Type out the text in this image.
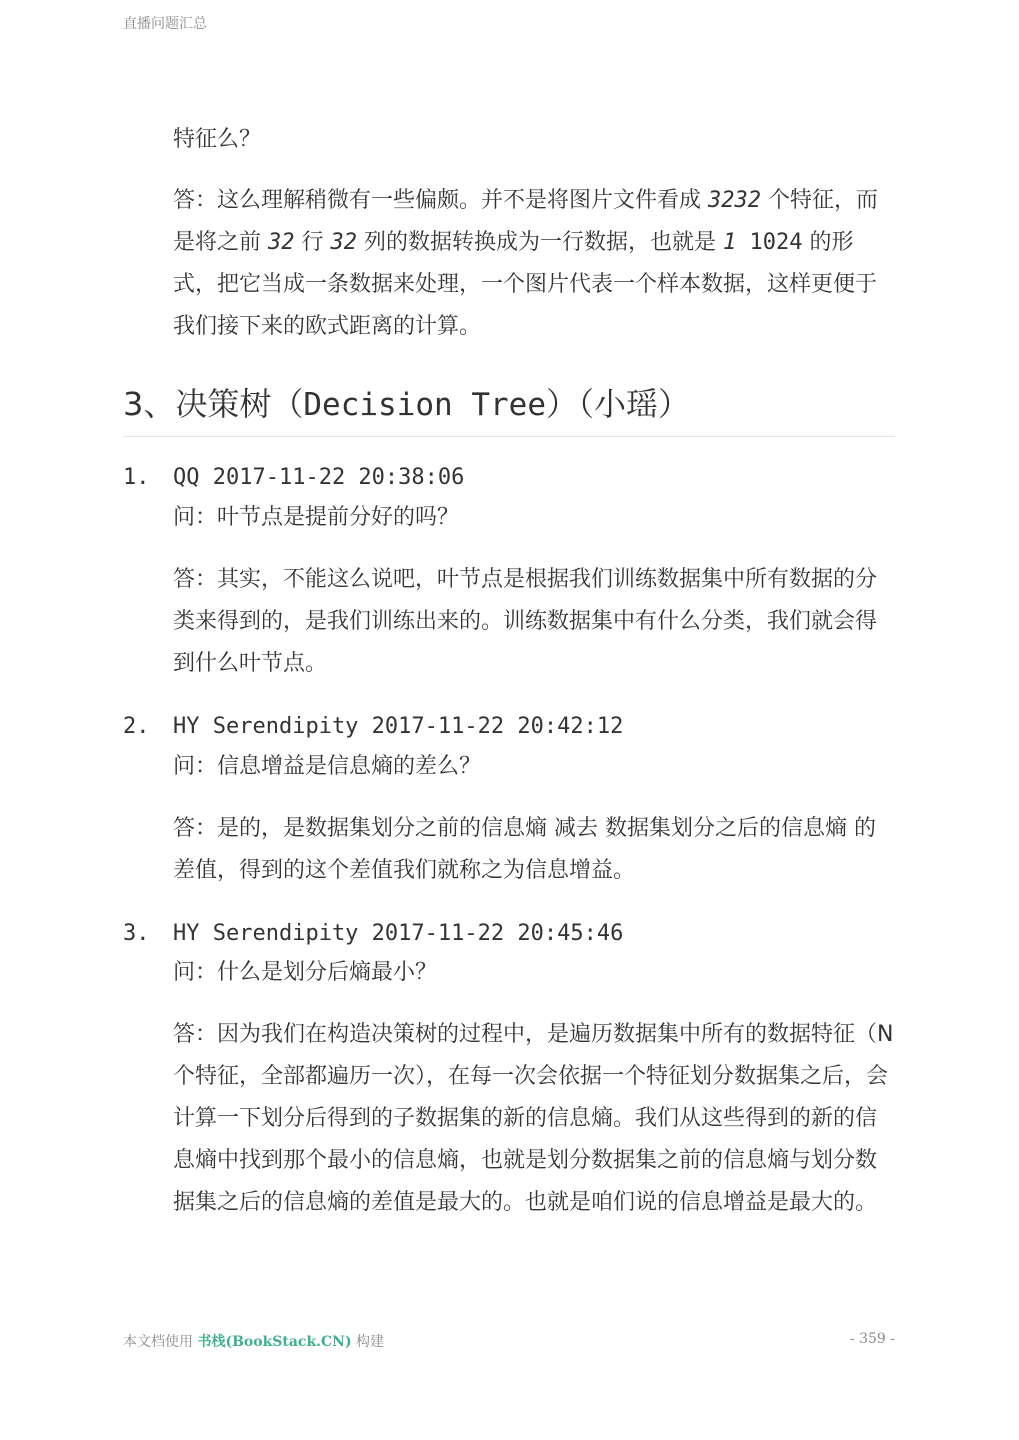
直播问题汇总
特征么？
答：这么理解稍微有一些偏颇。并不是将图片文件看成 3232 个特征，而是将之前 32 行 32 列的数据转换成为一行数据，也就是 1 1024 的形式，把它当成一条数据来处理，一个图片代表一个样本数据，这样更便于我们接下来的欧式距离的计算。
3、决策树（Decision Tree）（小瑶）
1. QQ 2017-11-22 20:38:06
问：叶节点是提前分好的吗？
答：其实，不能这么说吧，叶节点是根据我们训练数据集中所有数据的分类来得到的，是我们训练出来的。训练数据集中有什么分类，我们就会得到什么叶节点。
2. HY Serendipity 2017-11-22 20:42:12
问：信息增益是信息熵的差么？
答：是的，是数据集划分之前的信息熵 减去 数据集划分之后的信息熵 的差值，得到的这个差值我们就称之为信息增益。
3. HY Serendipity 2017-11-22 20:45:46
问：什么是划分后熵最小？
答：因为我们在构造决策树的过程中，是遍历数据集中所有的数据特征（N个特征，全部都遍历一次），在每一次会依据一个特征划分数据集之后，会计算一下划分后得到的子数据集的新的信息熵。我们从这些得到的新的信息熵中找到那个最小的信息熵，也就是划分数据集之前的信息熵与划分数据集之后的信息熵的差值是最大的。也就是咱们说的信息增益是最大的。
本文档使用 书栈(BookStack.CN) 构建	- 359 -
